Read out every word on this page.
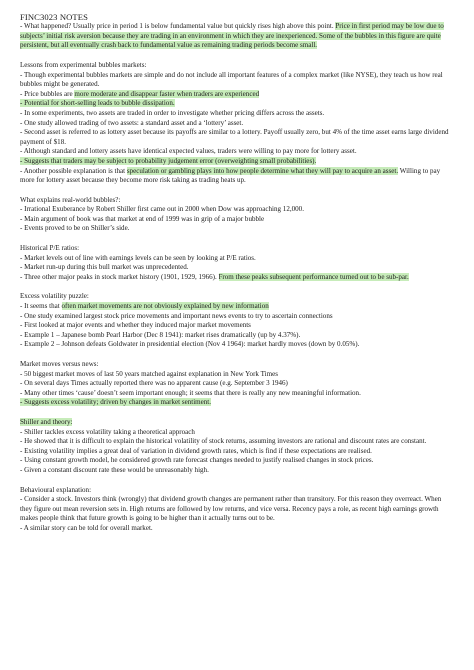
FINC3023 NOTES

- What happened? Usually price in period 1 is below fundamental value but quickly rises high above this point. Price in first period may be low due to subjects’ initial risk aversion because they are trading in an environment in which they are inexperienced. Some of the bubbles in this figure are quite persistent, but all eventually crash back to fundamental value as remaining trading periods become small.

Lessons from experimental bubbles markets:

- Though experimental bubbles markets are simple and do not include all important features of a complex market (like NYSE), they teach us how real bubbles might be generated.

- Price bubbles are more moderate and disappear faster when traders are experienced

- Potential for short-selling leads to bubble dissipation.

- In some experiments, two assets are traded in order to investigate whether pricing differs across the assets.

- One study allowed trading of two assets: a standard asset and a ‘lottery’ asset.

- Second asset is referred to as lottery asset because its payoffs are similar to a lottery. Payoff usually zero, but 4% of the time asset earns large dividend payment of $18.

- Although standard and lottery assets have identical expected values, traders were willing to pay more for lottery asset.

- Suggests that traders may be subject to probability judgement error (overweighting small probabilities).

- Another possible explanation is that speculation or gambling plays into how people determine what they will pay to acquire an asset. Willing to pay more for lottery asset because they become more risk taking as trading heats up.

What explains real-world bubbles?:

- Irrational Exuberance by Robert Shiller first came out in 2000 when Dow was approaching 12,000.

- Main argument of book was that market at end of 1999 was in grip of a major bubble

- Events proved to be on Shiller’s side.

Historical P/E ratios:

- Market levels out of line with earnings levels can be seen by looking at P/E ratios.

- Market run-up during this bull market was unprecedented.

- Three other major peaks in stock market history (1901, 1929, 1966). From these peaks subsequent performance turned out to be sub-par.

Excess volatility puzzle:

- It seems that often market movements are not obviously explained by new information

- One study examined largest stock price movements and important news events to try to ascertain connections

- First looked at major events and whether they induced major market movements

- Example 1 – Japanese bomb Pearl Harbor (Dec 8 1941): market rises dramatically (up by 4.37%).

- Example 2 – Johnson defeats Goldwater in presidential election (Nov 4 1964): market hardly moves (down by 0.05%).

Market moves versus news:

- 50 biggest market moves of last 50 years matched against explanation in New York Times

- On several days Times actually reported there was no apparent cause (e.g. September 3 1946)

- Many other times ‘cause’ doesn’t seem important enough; it seems that there is really any new meaningful information.

- Suggests excess volatility; driven by changes in market sentiment.

Shiller and theory:

- Shiller tackles excess volatility taking a theoretical approach

- He showed that it is difficult to explain the historical volatility of stock returns, assuming investors are rational and discount rates are constant.

- Existing volatility implies a great deal of variation in dividend growth rates, which is find if these expectations are realised.

- Using constant growth model, he considered growth rate forecast changes needed to justify realised changes in stock prices.

- Given a constant discount rate these would be unreasonably high.

Behavioural explanation:

- Consider a stock. Investors think (wrongly) that dividend growth changes are permanent rather than transitory. For this reason they overreact. When they figure out mean reversion sets in. High returns are followed by low returns, and vice versa. Recency pays a role, as recent high earnings growth makes people think that future growth is going to be higher than it actually turns out to be.

- A similar story can be told for overall market.
